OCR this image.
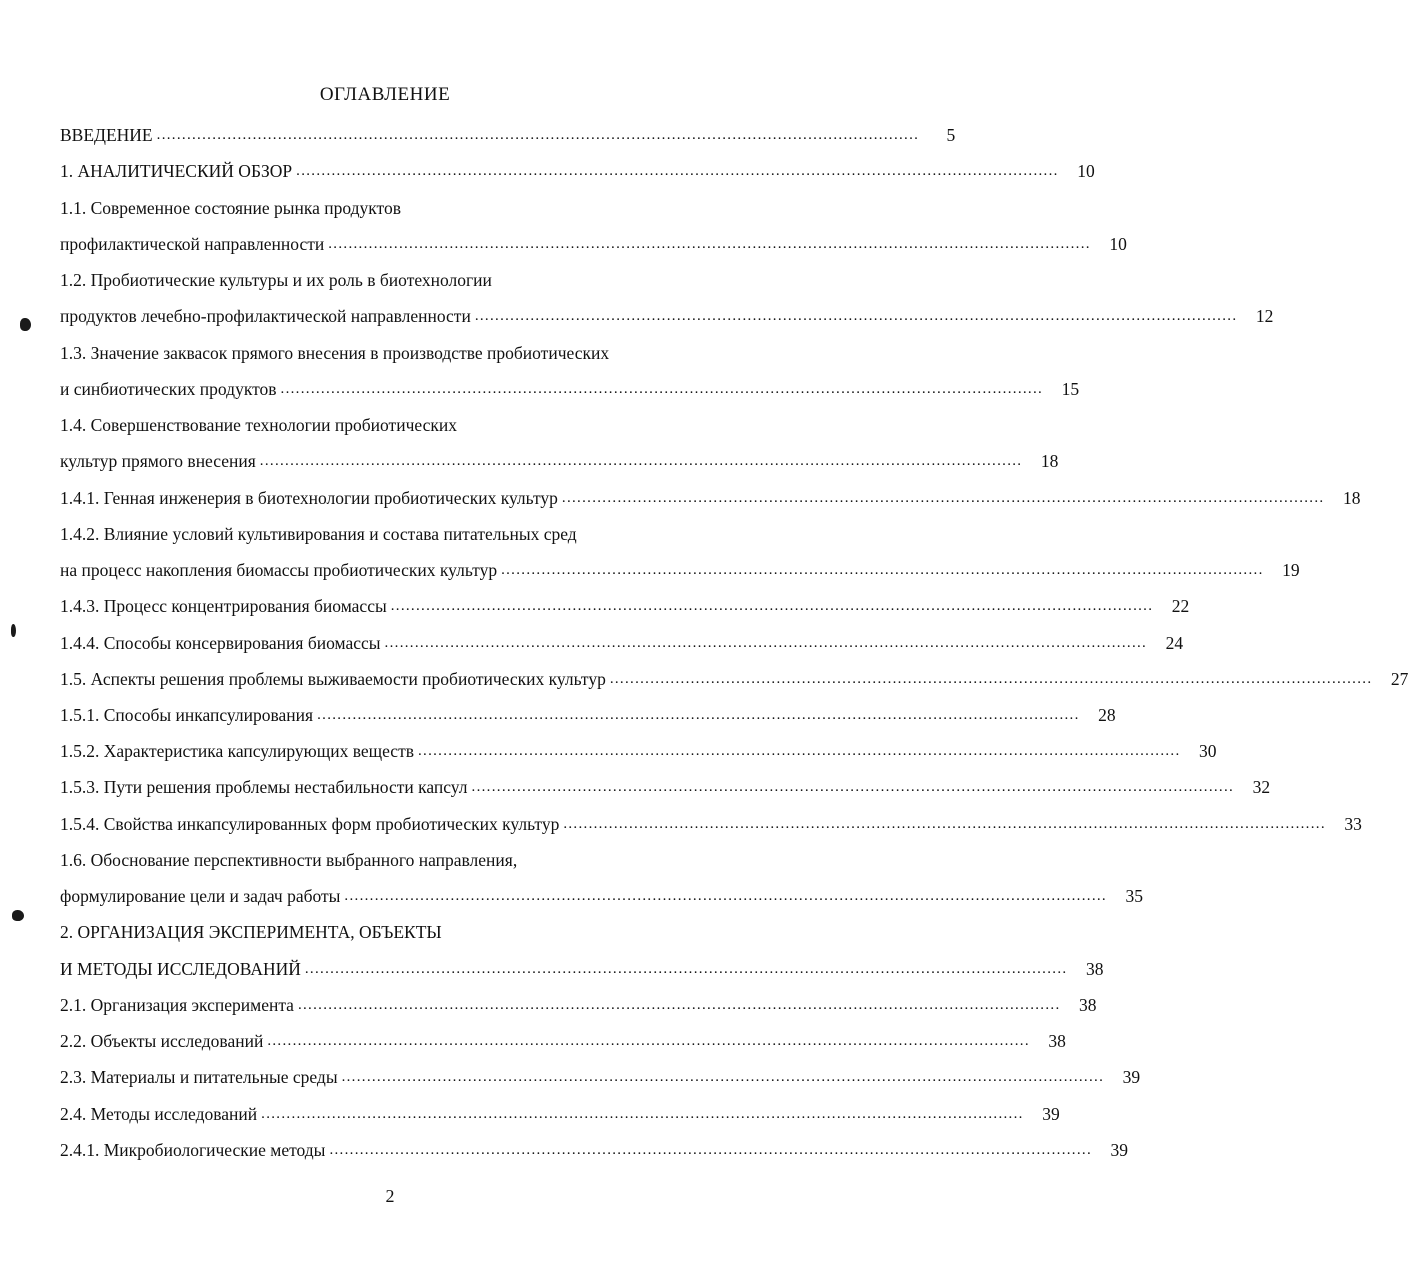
ОГЛАВЛЕНИЕ
ВВЕДЕНИЕ .......................................................................................................................................................	5
1. АНАЛИТИЧЕСКИЙ ОБЗОР .......................................................................................................................................................	10
1.1. Современное состояние рынка продуктов
профилактической направленности .......................................................................................................................................................	10
1.2. Пробиотические культуры и их роль в биотехнологии
продуктов лечебно-профилактической направленности .......................................................................................................................................................	12
1.3. Значение заквасок прямого внесения в производстве пробиотических
и синбиотических продуктов .......................................................................................................................................................	15
1.4. Совершенствование технологии пробиотических
культур прямого внесения .......................................................................................................................................................	18
1.4.1. Генная инженерия в биотехнологии пробиотических культур .......................................................................................................................................................	18
1.4.2. Влияние условий культивирования и состава питательных сред
на процесс накопления биомассы пробиотических культур .......................................................................................................................................................	19
1.4.3. Процесс концентрирования биомассы .......................................................................................................................................................	22
1.4.4. Способы консервирования биомассы .......................................................................................................................................................	24
1.5. Аспекты решения проблемы выживаемости пробиотических культур .......................................................................................................................................................	27
1.5.1. Способы инкапсулирования .......................................................................................................................................................	28
1.5.2. Характеристика капсулирующих веществ .......................................................................................................................................................	30
1.5.3. Пути решения проблемы нестабильности капсул .......................................................................................................................................................	32
1.5.4. Свойства инкапсулированных форм пробиотических культур .......................................................................................................................................................	33
1.6. Обоснование перспективности выбранного направления,
формулирование цели и задач работы .......................................................................................................................................................	35
2. ОРГАНИЗАЦИЯ ЭКСПЕРИМЕНТА, ОБЪЕКТЫ
И МЕТОДЫ ИССЛЕДОВАНИЙ .......................................................................................................................................................	38
2.1. Организация эксперимента .......................................................................................................................................................	38
2.2. Объекты исследований .......................................................................................................................................................	38
2.3. Материалы и питательные среды .......................................................................................................................................................	39
2.4. Методы исследований .......................................................................................................................................................	39
2.4.1. Микробиологические методы .......................................................................................................................................................	39
2
